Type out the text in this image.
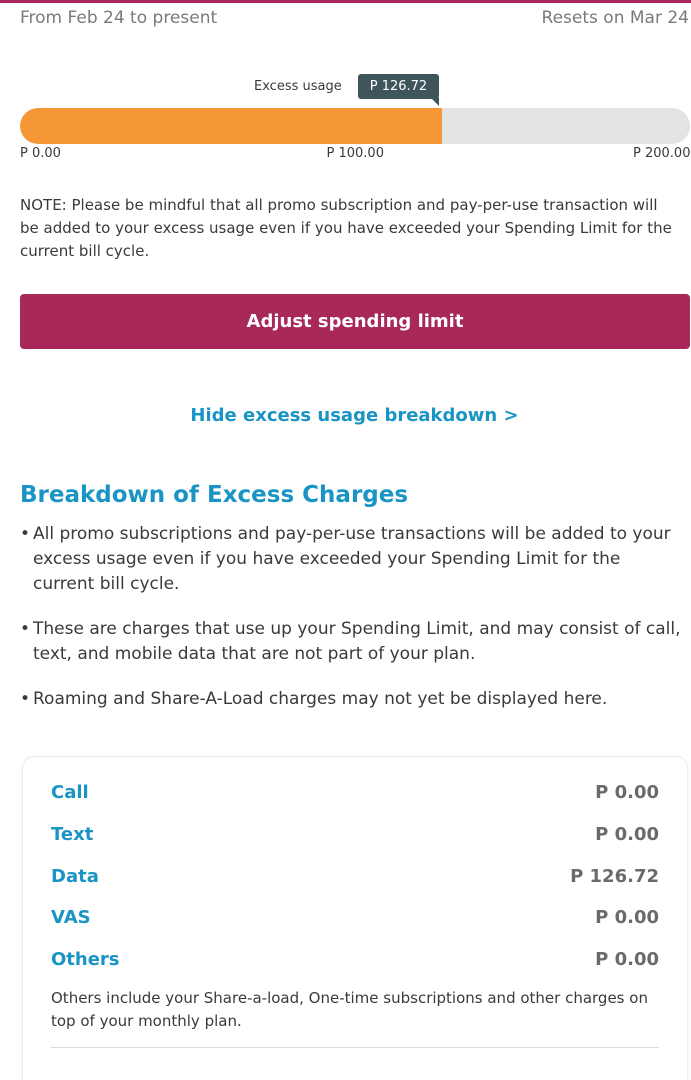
From Feb 24 to present	Resets on Mar 24
Excess usage	P 126.72
P 0.00	P 100.00	P 200.00

NOTE: Please be mindful that all promo subscription and pay-per-use transaction will be added to your excess usage even if you have exceeded your Spending Limit for the current bill cycle.

Adjust spending limit
Hide excess usage breakdown >
Breakdown of Excess Charges
• All promo subscriptions and pay-per-use transactions will be added to your excess usage even if you have exceeded your Spending Limit for the current bill cycle.
• These are charges that use up your Spending Limit, and may consist of call, text, and mobile data that are not part of your plan.
• Roaming and Share-A-Load charges may not yet be displayed here.
Call	P 0.00
Text	P 0.00
Data	P 126.72
VAS	P 0.00
Others	P 0.00

Others include your Share-a-load, One-time subscriptions and other charges on top of your monthly plan.
